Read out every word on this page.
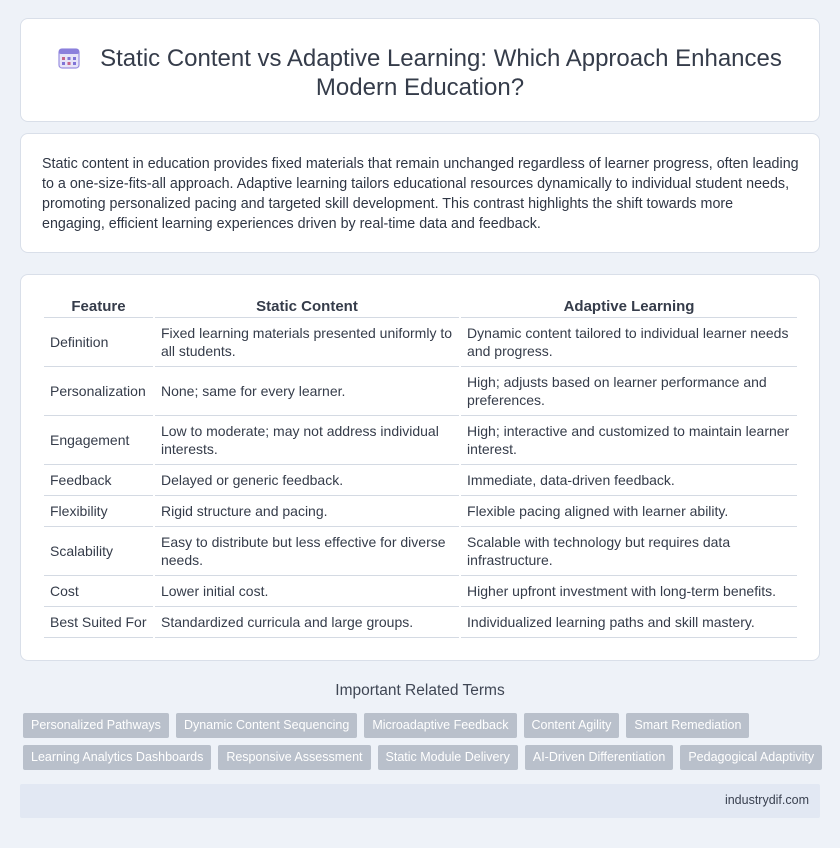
Static Content vs Adaptive Learning: Which Approach Enhances Modern Education?

Static content in education provides fixed materials that remain unchanged regardless of learner progress, often leading to a one-size-fits-all approach. Adaptive learning tailors educational resources dynamically to individual student needs, promoting personalized pacing and targeted skill development. This contrast highlights the shift towards more engaging, efficient learning experiences driven by real-time data and feedback.

Feature	Static Content	Adaptive Learning
Definition	Fixed learning materials presented uniformly to all students.	Dynamic content tailored to individual learner needs and progress.
Personalization	None; same for every learner.	High; adjusts based on learner performance and preferences.
Engagement	Low to moderate; may not address individual interests.	High; interactive and customized to maintain learner interest.
Feedback	Delayed or generic feedback.	Immediate, data-driven feedback.
Flexibility	Rigid structure and pacing.	Flexible pacing aligned with learner ability.
Scalability	Easy to distribute but less effective for diverse needs.	Scalable with technology but requires data infrastructure.
Cost	Lower initial cost.	Higher upfront investment with long-term benefits.
Best Suited For	Standardized curricula and large groups.	Individualized learning paths and skill mastery.
Important Related Terms
Personalized Pathways	Dynamic Content Sequencing	Microadaptive Feedback	Content Agility	Smart Remediation
Learning Analytics Dashboards	Responsive Assessment	Static Module Delivery	AI-Driven Differentiation	Pedagogical Adaptivity
industrydif.com
